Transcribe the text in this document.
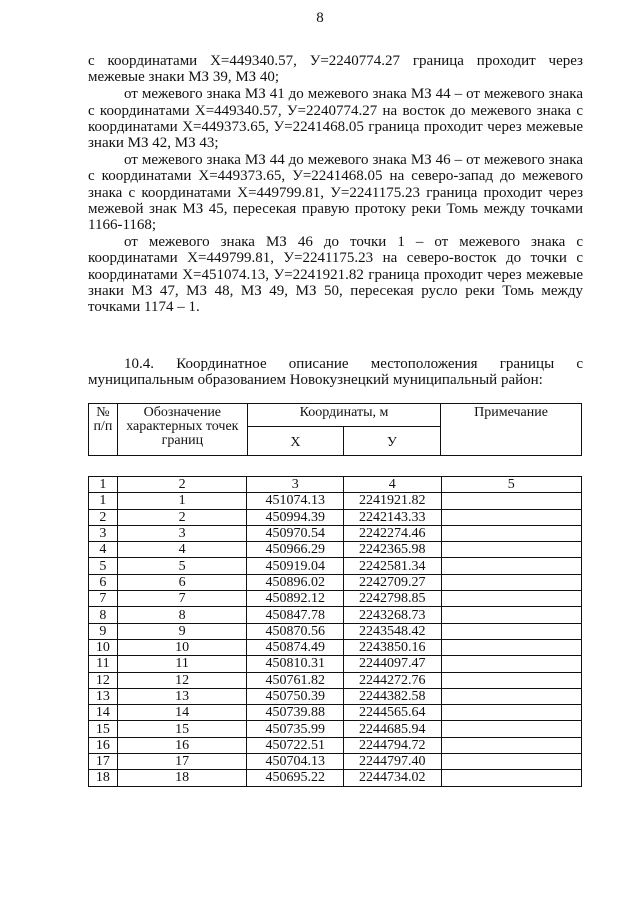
8

с координатами Х=449340.57, У=2240774.27 граница проходит через межевые знаки МЗ 39, МЗ 40;

от межевого знака МЗ 41 до межевого знака МЗ 44 – от межевого знака с координатами Х=449340.57, У=2240774.27 на восток до межевого знака с координатами Х=449373.65, У=2241468.05 граница проходит через межевые знаки МЗ 42, МЗ 43;

от межевого знака МЗ 44 до межевого знака МЗ 46 – от межевого знака с координатами Х=449373.65, У=2241468.05 на северо-запад до межевого знака с координатами Х=449799.81, У=2241175.23 граница проходит через межевой знак МЗ 45, пересекая правую протоку реки Томь между точками 1166-1168;

от межевого знака МЗ 46 до точки 1 – от межевого знака с координатами Х=449799.81, У=2241175.23 на северо-восток до точки с координатами Х=451074.13, У=2241921.82 граница проходит через межевые знаки МЗ 47, МЗ 48, МЗ 49, МЗ 50, пересекая русло реки Томь между точками 1174 – 1.

10.4. Координатное описание местоположения границы с муниципальным образованием Новокузнецкий муниципальный район:

№ п/п	Обозначение характерных точек границ	Координаты, м		Примечание
		Х	У	
1	2	3	4	5
1	1	451074.13	2241921.82	
2	2	450994.39	2242143.33	
3	3	450970.54	2242274.46	
4	4	450966.29	2242365.98	
5	5	450919.04	2242581.34	
6	6	450896.02	2242709.27	
7	7	450892.12	2242798.85	
8	8	450847.78	2243268.73	
9	9	450870.56	2243548.42	
10	10	450874.49	2243850.16	
11	11	450810.31	2244097.47	
12	12	450761.82	2244272.76	
13	13	450750.39	2244382.58	
14	14	450739.88	2244565.64	
15	15	450735.99	2244685.94	
16	16	450722.51	2244794.72	
17	17	450704.13	2244797.40	
18	18	450695.22	2244734.02	
